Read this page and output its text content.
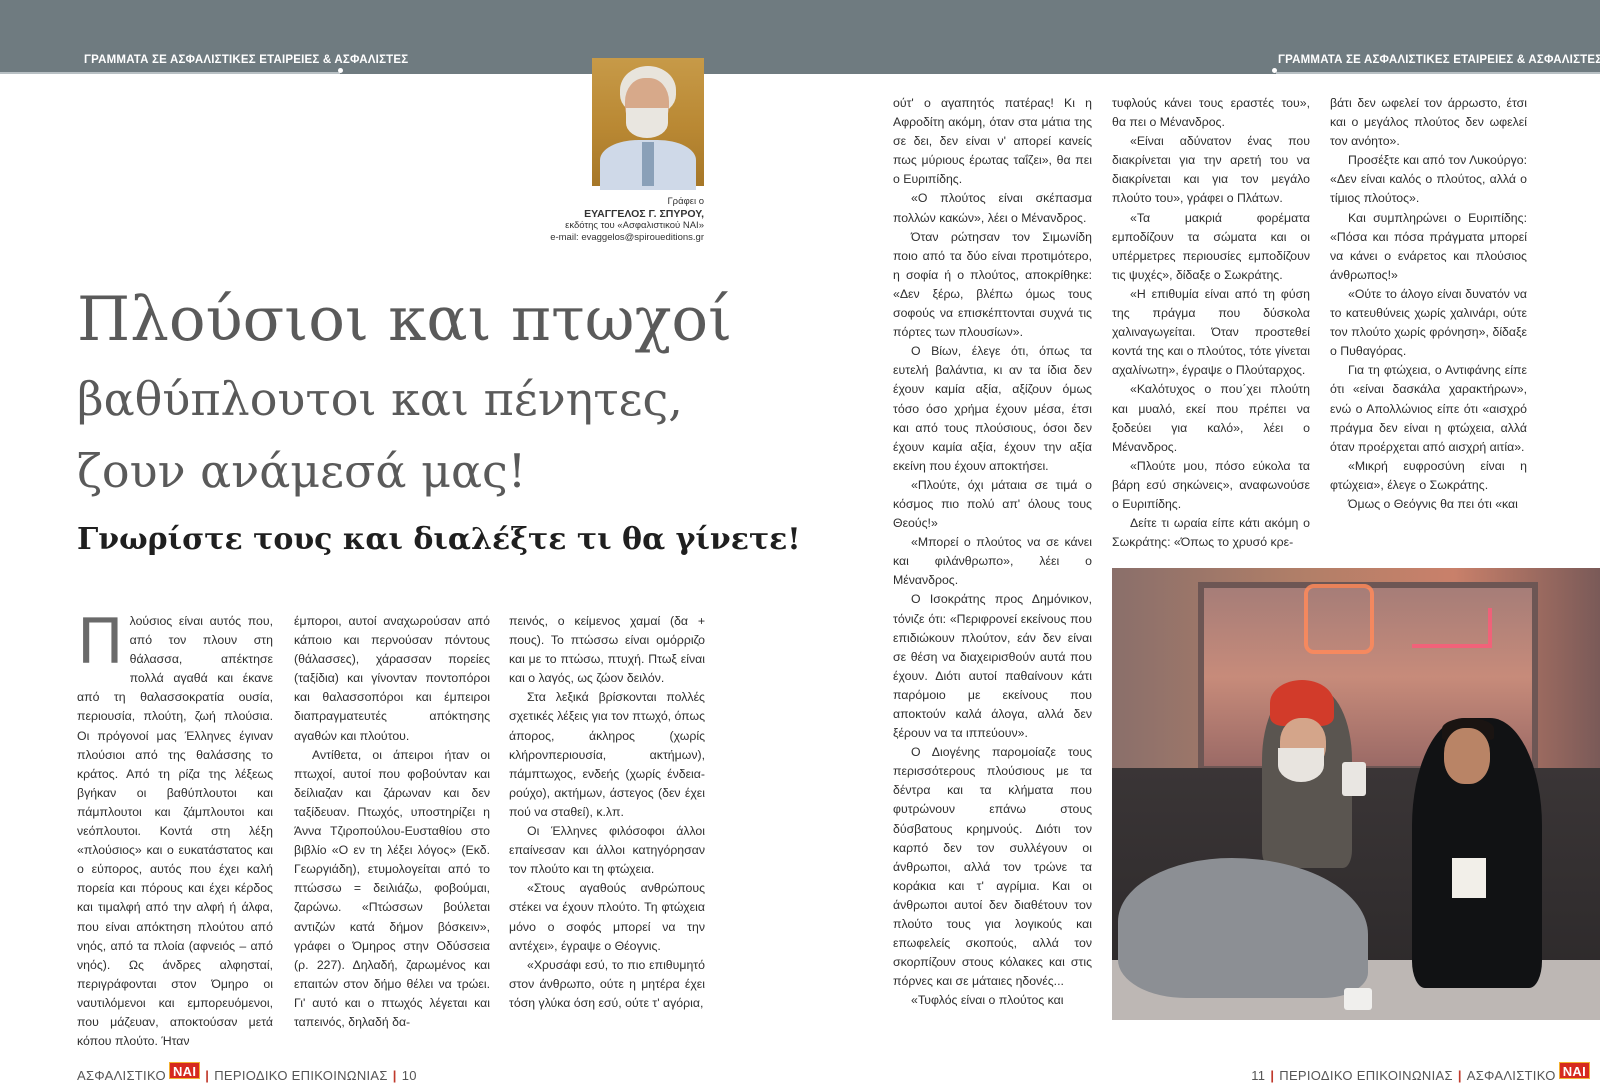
ΓΡΑΜΜΑΤΑ ΣΕ ΑΣΦΑΛΙΣΤΙΚΕΣ ΕΤΑΙΡΕΙΕΣ & ΑΣΦΑΛΙΣΤΕΣ	ΓΡΑΜΜΑΤΑ ΣΕ ΑΣΦΑΛΙΣΤΙΚΕΣ ΕΤΑΙΡΕΙΕΣ & ΑΣΦΑΛΙΣΤΕΣ
Γράφει ο
ΕΥΑΓΓΕΛΟΣ Γ. ΣΠΥΡΟΥ,
εκδότης του «Ασφαλιστικού ΝΑΙ»
e-mail: evaggelos@spiroueditions.gr
Πλούσιοι και πτωχοί
βαθύπλουτοι και πένητες,
ζουν ανάμεσά μας!
Γνωρίστε τους και διαλέξτε τι θα γίνετε!
Π λούσιος είναι αυτός που, από τον πλουν στη θάλασσα, απέκτησε πολλά αγαθά και έκανε από τη θαλασσοκρατία ουσία, περιουσία, πλούτη, ζωή πλούσια. Οι πρόγονοί μας Έλληνες έγιναν πλούσιοι από της θαλάσσης το κράτος. Από τη ρίζα της λέξεως βγήκαν οι βαθύπλουτοι και πάμπλουτοι και ζάμπλουτοι και νεόπλουτοι. Κοντά στη λέξη «πλούσιος» και ο ευκατάστατος και ο εύπορος, αυτός που έχει καλή πορεία και πόρους και έχει κέρδος και τιμαλφή από την αλφή ή άλφα, που είναι απόκτηση πλούτου από νηός, από τα πλοία (αφνειός – από νηός). Ως άνδρες αλφησταί, περιγράφονται στον Όμηρο οι ναυτιλόμενοι και εμπορευόμενοι, που μάζευαν, αποκτούσαν μετά κόπου πλούτο. Ήταν

έμποροι, αυτοί αναχωρούσαν από κάποιο και περνούσαν πόντους (θάλασσες), χάρασσαν πορείες (ταξίδια) και γίνονταν ποντοπόροι και θαλασσοπόροι και έμπειροι διαπραγματευτές απόκτησης αγαθών και πλούτου.

Αντίθετα, οι άπειροι ήταν οι πτωχοί, αυτοί που φοβούνταν και δείλιαζαν και ζάρωναν και δεν ταξίδευαν. Πτωχός, υποστηρίζει η Άννα Τζιροπούλου-Ευσταθίου στο βιβλίο «Ο εν τη λέξει λόγος» (Εκδ. Γεωργιάδη), ετυμολογείται από το πτώσσω = δειλιάζω, φοβούμαι, ζαρώνω. «Πτώσσων βούλεται αντιζών κατά δήμον βόσκειν», γράφει ο Όμηρος στην Οδύσσεια (ρ. 227). Δηλαδή, ζαρωμένος και επαιτών στον δήμο θέλει να τρώει. Γι' αυτό και ο πτωχός λέγεται και ταπεινός, δηλαδή δα-

πεινός, ο κείμενος χαμαί (δα + πους). Το πτώσσω είναι ομόρριζο και με το πτώσω, πτυχή. Πτωξ είναι και ο λαγός, ως ζώον δειλόν.

Στα λεξικά βρίσκονται πολλές σχετικές λέξεις για τον πτωχό, όπως άπορος, άκληρος (χωρίς κλήρονπεριουσία, ακτήμων), πάμπτωχος, ενδεής (χωρίς ένδεια-ρούχο), ακτήμων, άστεγος (δεν έχει πού να σταθεί), κ.λπ.

Οι Έλληνες φιλόσοφοι άλλοι επαίνεσαν και άλλοι κατηγόρησαν τον πλούτο και τη φτώχεια.

«Στους αγαθούς ανθρώπους στέκει να έχουν πλούτο. Τη φτώχεια μόνο ο σοφός μπορεί να την αντέχει», έγραψε ο Θέογνις.

«Χρυσάφι εσύ, το πιο επιθυμητό στον άνθρωπο, ούτε η μητέρα έχει τόση γλύκα όση εσύ, ούτε τ' αγόρια,

ούτ' ο αγαπητός πατέρας! Κι η Αφροδίτη ακόμη, όταν στα μάτια της σε δει, δεν είναι ν' απορεί κανείς πως μύριους έρωτας ταΐζει», θα πει ο Ευριπίδης.

«Ο πλούτος είναι σκέπασμα πολλών κακών», λέει ο Μένανδρος.

Όταν ρώτησαν τον Σιμωνίδη ποιο από τα δύο είναι προτιμότερο, η σοφία ή ο πλούτος, αποκρίθηκε: «Δεν ξέρω, βλέπω όμως τους σοφούς να επισκέπτονται συχνά τις πόρτες των πλουσίων».

Ο Βίων, έλεγε ότι, όπως τα ευτελή βαλάντια, κι αν τα ίδια δεν έχουν καμία αξία, αξίζουν όμως τόσο όσο χρήμα έχουν μέσα, έτσι και από τους πλούσιους, όσοι δεν έχουν καμία αξία, έχουν την αξία εκείνη που έχουν αποκτήσει.

«Πλούτε, όχι μάταια σε τιμά ο κόσμος πιο πολύ απ' όλους τους Θεούς!»

«Μπορεί ο πλούτος να σε κάνει και φιλάνθρωπο», λέει ο Μένανδρος.

Ο Ισοκράτης προς Δημόνικον, τόνιζε ότι: «Περιφρονεί εκείνους που επιδιώκουν πλούτον, εάν δεν είναι σε θέση να διαχειρισθούν αυτά που έχουν. Διότι αυτοί παθαίνουν κάτι παρόμοιο με εκείνους που αποκτούν καλά άλογα, αλλά δεν ξέρουν να τα ιππεύουν».

Ο Διογένης παρομοίαζε τους περισσότερους πλούσιους με τα δέντρα και τα κλήματα που φυτρώνουν επάνω στους δύσβατους κρημνούς. Διότι τον καρπό δεν τον συλλέγουν οι άνθρωποι, αλλά τον τρώνε τα κοράκια και τ' αγρίμια. Και οι άνθρωποι αυτοί δεν διαθέτουν τον πλούτο τους για λογικούς και επωφελείς σκοπούς, αλλά τον σκορπίζουν στους κόλακες και στις πόρνες και σε μάταιες ηδονές...

«Τυφλός είναι ο πλούτος και

τυφλούς κάνει τους εραστές του», θα πει ο Μένανδρος.

«Είναι αδύνατον ένας που διακρίνεται για την αρετή του να διακρίνεται και για τον μεγάλο πλούτο του», γράφει ο Πλάτων.

«Τα μακριά φορέματα εμποδίζουν τα σώματα και οι υπέρμετρες περιουσίες εμποδίζουν τις ψυχές», δίδαξε ο Σωκράτης.

«Η επιθυμία είναι από τη φύση της πράγμα που δύσκολα χαλιναγωγείται. Όταν προστεθεί κοντά της και ο πλούτος, τότε γίνεται αχαλίνωτη», έγραψε ο Πλούταρχος.

«Καλότυχος ο που΄χει πλούτη και μυαλό, εκεί που πρέπει να ξοδεύει για καλό», λέει ο Μένανδρος.

«Πλούτε μου, πόσο εύκολα τα βάρη εσύ σηκώνεις», αναφωνούσε ο Ευριπίδης.

Δείτε τι ωραία είπε κάτι ακόμη ο Σωκράτης: «Όπως το χρυσό κρε-

βάτι δεν ωφελεί τον άρρωστο, έτσι και ο μεγάλος πλούτος δεν ωφελεί τον ανόητο».

Προσέξτε και από τον Λυκούργο: «Δεν είναι καλός ο πλούτος, αλλά ο τίμιος πλούτος».

Και συμπληρώνει ο Ευριπίδης: «Πόσα και πόσα πράγματα μπορεί να κάνει ο ενάρετος και πλούσιος άνθρωπος!»

«Ούτε το άλογο είναι δυνατόν να το κατευθύνεις χωρίς χαλινάρι, ούτε τον πλούτο χωρίς φρόνηση», δίδαξε ο Πυθαγόρας.

Για τη φτώχεια, ο Αντιφάνης είπε ότι «είναι δασκάλα χαρακτήρων», ενώ ο Απολλώνιος είπε ότι «αισχρό πράγμα δεν είναι η φτώχεια, αλλά όταν προέρχεται από αισχρή αιτία».

«Μικρή ευφροσύνη είναι η φτώχεια», έλεγε ο Σωκράτης.

Όμως ο Θεόγνις θα πει ότι «και

ΑΣΦΑΛΙΣΤΙΚΟ ΝΑΙ | ΠΕΡΙΟΔΙΚΟ ΕΠΙΚΟΙΝΩΝΙΑΣ | 10	11 | ΠΕΡΙΟΔΙΚΟ ΕΠΙΚΟΙΝΩΝΙΑΣ | ΑΣΦΑΛΙΣΤΙΚΟ ΝΑΙ
